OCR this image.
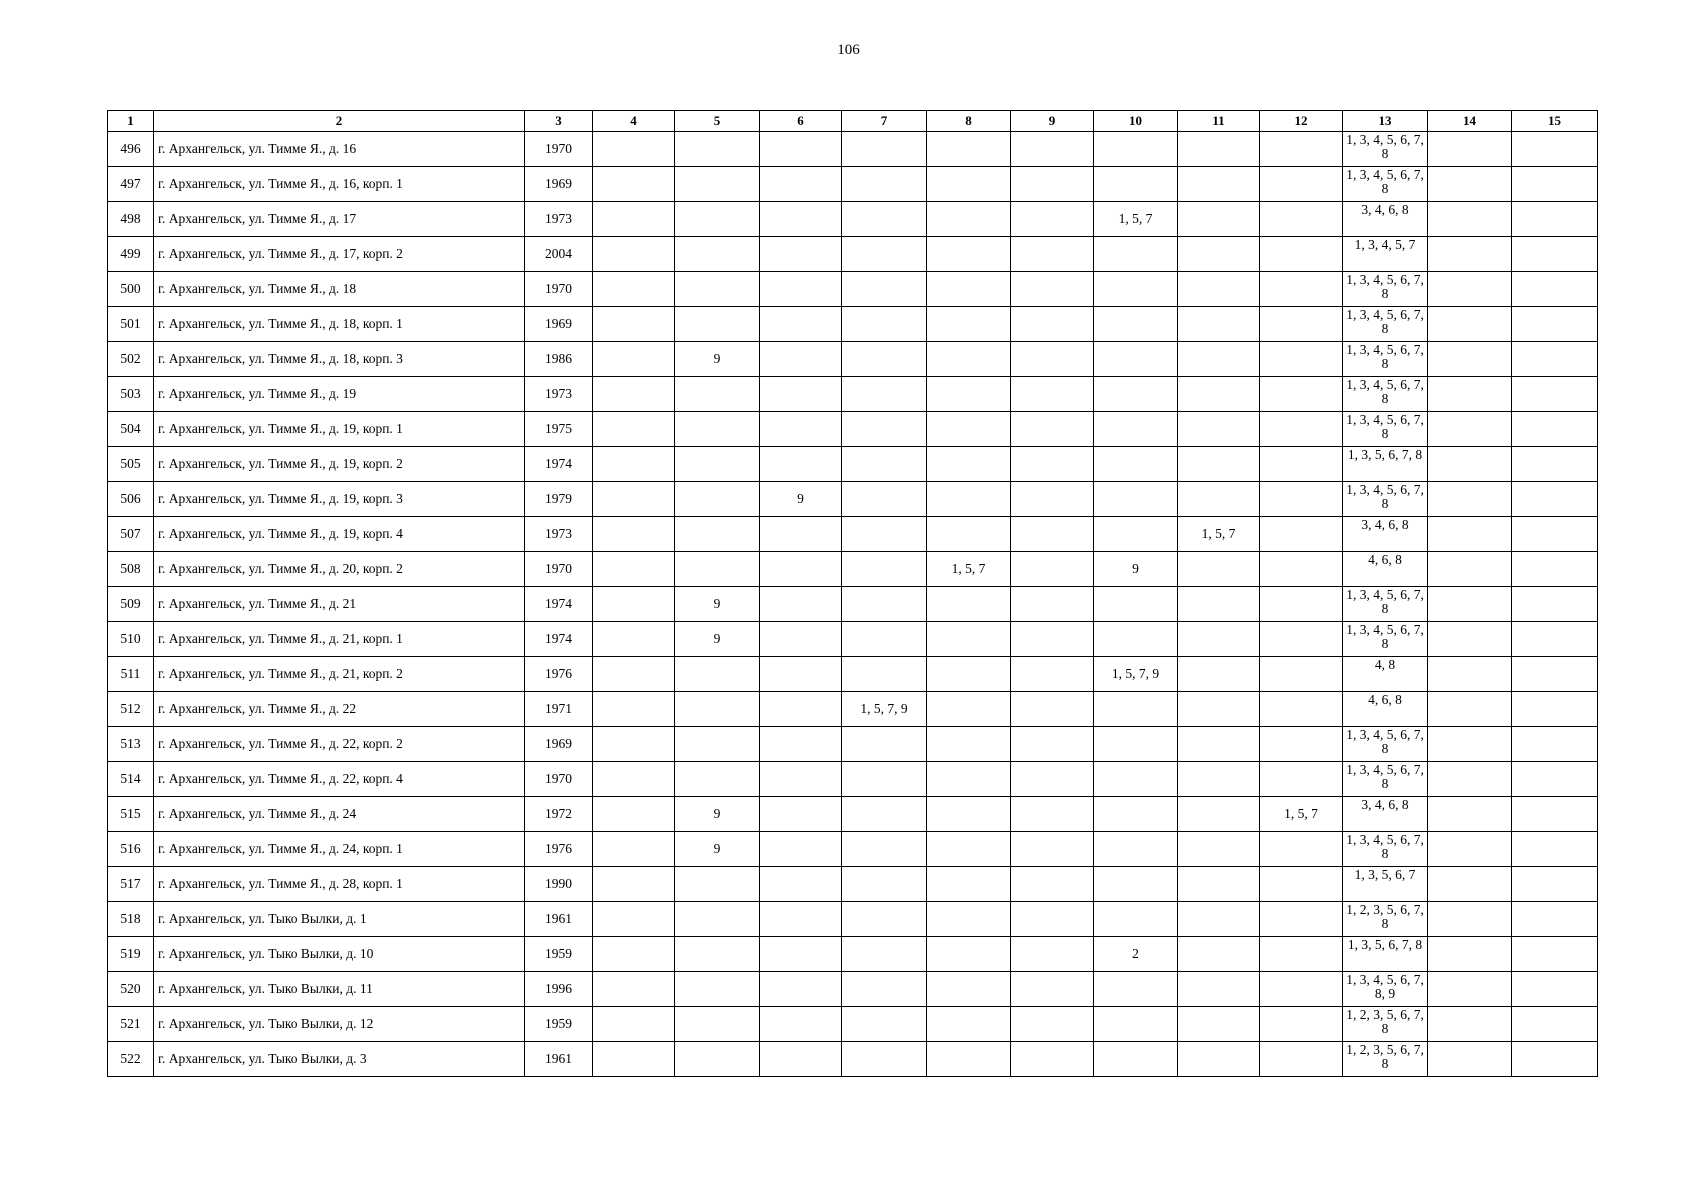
106
1	2	3	4	5	6	7	8	9	10	11	12	13	14	15
496	г. Архангельск, ул. Тимме Я., д. 16	1970										1, 3, 4, 5, 6, 7, 8		
497	г. Архангельск, ул. Тимме Я., д. 16, корп. 1	1969										1, 3, 4, 5, 6, 7, 8		
498	г. Архангельск, ул. Тимме Я., д. 17	1973							1, 5, 7			3, 4, 6, 8		
499	г. Архангельск, ул. Тимме Я., д. 17, корп. 2	2004										1, 3, 4, 5, 7		
500	г. Архангельск, ул. Тимме Я., д. 18	1970										1, 3, 4, 5, 6, 7, 8		
501	г. Архангельск, ул. Тимме Я., д. 18, корп. 1	1969										1, 3, 4, 5, 6, 7, 8		
502	г. Архангельск, ул. Тимме Я., д. 18, корп. 3	1986		9								1, 3, 4, 5, 6, 7, 8		
503	г. Архангельск, ул. Тимме Я., д. 19	1973										1, 3, 4, 5, 6, 7, 8		
504	г. Архангельск, ул. Тимме Я., д. 19, корп. 1	1975										1, 3, 4, 5, 6, 7, 8		
505	г. Архангельск, ул. Тимме Я., д. 19, корп. 2	1974										1, 3, 5, 6, 7, 8		
506	г. Архангельск, ул. Тимме Я., д. 19, корп. 3	1979			9							1, 3, 4, 5, 6, 7, 8		
507	г. Архангельск, ул. Тимме Я., д. 19, корп. 4	1973								1, 5, 7		3, 4, 6, 8		
508	г. Архангельск, ул. Тимме Я., д. 20, корп. 2	1970					1, 5, 7		9			4, 6, 8		
509	г. Архангельск, ул. Тимме Я., д. 21	1974		9								1, 3, 4, 5, 6, 7, 8		
510	г. Архангельск, ул. Тимме Я., д. 21, корп. 1	1974		9								1, 3, 4, 5, 6, 7, 8		
511	г. Архангельск, ул. Тимме Я., д. 21, корп. 2	1976							1, 5, 7, 9			4, 8		
512	г. Архангельск, ул. Тимме Я., д. 22	1971				1, 5, 7, 9						4, 6, 8		
513	г. Архангельск, ул. Тимме Я., д. 22, корп. 2	1969										1, 3, 4, 5, 6, 7, 8		
514	г. Архангельск, ул. Тимме Я., д. 22, корп. 4	1970										1, 3, 4, 5, 6, 7, 8		
515	г. Архангельск, ул. Тимме Я., д. 24	1972		9							1, 5, 7	3, 4, 6, 8		
516	г. Архангельск, ул. Тимме Я., д. 24, корп. 1	1976		9								1, 3, 4, 5, 6, 7, 8		
517	г. Архангельск, ул. Тимме Я., д. 28, корп. 1	1990										1, 3, 5, 6, 7		
518	г. Архангельск, ул. Тыко Вылки, д. 1	1961										1, 2, 3, 5, 6, 7, 8		
519	г. Архангельск, ул. Тыко Вылки, д. 10	1959							2			1, 3, 5, 6, 7, 8		
520	г. Архангельск, ул. Тыко Вылки, д. 11	1996										1, 3, 4, 5, 6, 7, 8, 9		
521	г. Архангельск, ул. Тыко Вылки, д. 12	1959										1, 2, 3, 5, 6, 7, 8		
522	г. Архангельск, ул. Тыко Вылки, д. 3	1961										1, 2, 3, 5, 6, 7, 8		
